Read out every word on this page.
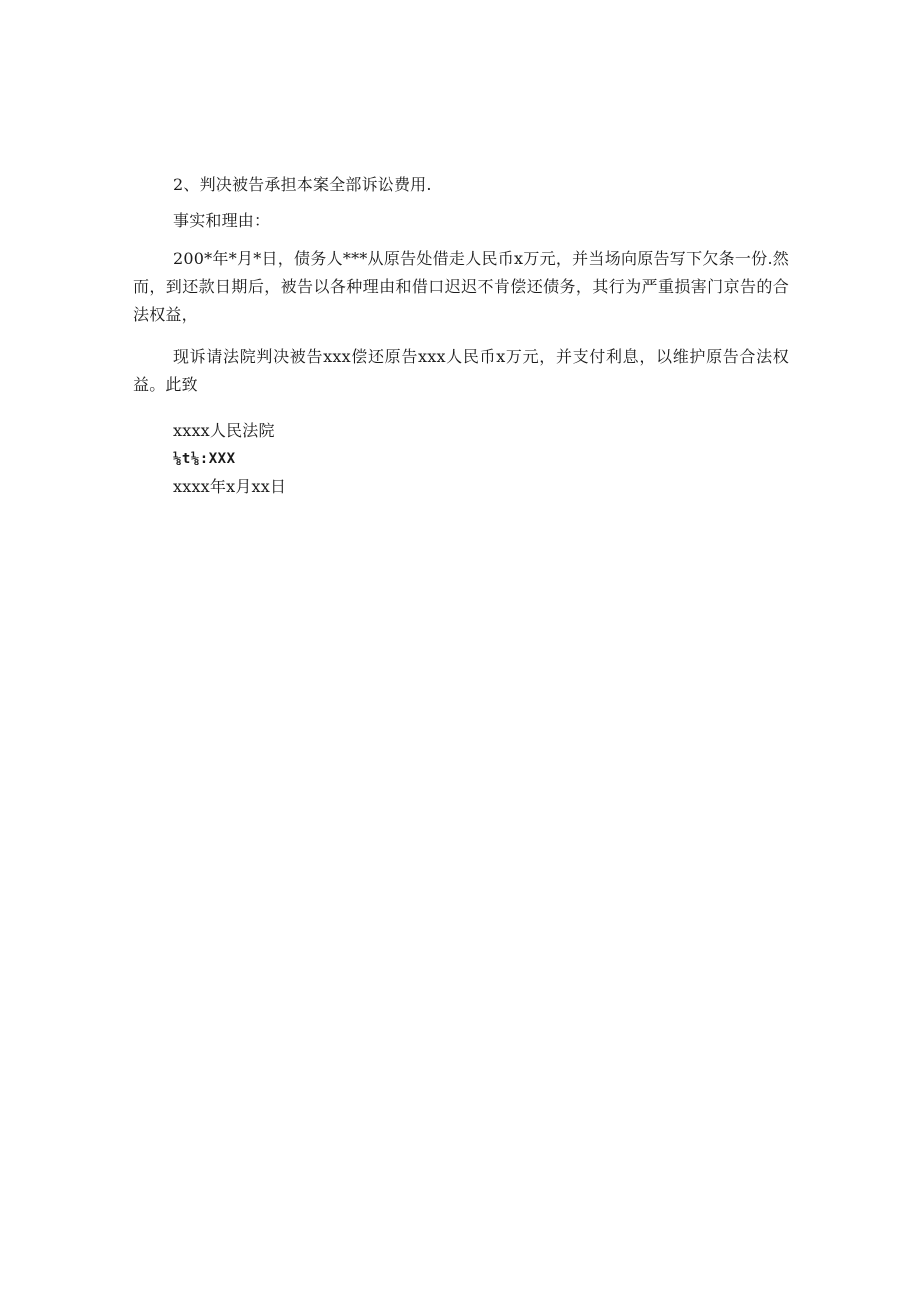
2、判决被告承担本案全部诉讼费用.

事实和理由：

200*年*月*日，债务人***从原告处借走人民币x万元，并当场向原告写下欠条一份.然而，到还款日期后，被告以各种理由和借口迟迟不肯偿还债务，其行为严重损害门京告的合法权益，

现诉请法院判决被告xxx偿还原告xxx人民币x万元，并支付利息，以维护原告合法权益。此致

xxxx人民法院

⅛t⅛:XXX

xxxx年x月xx日
